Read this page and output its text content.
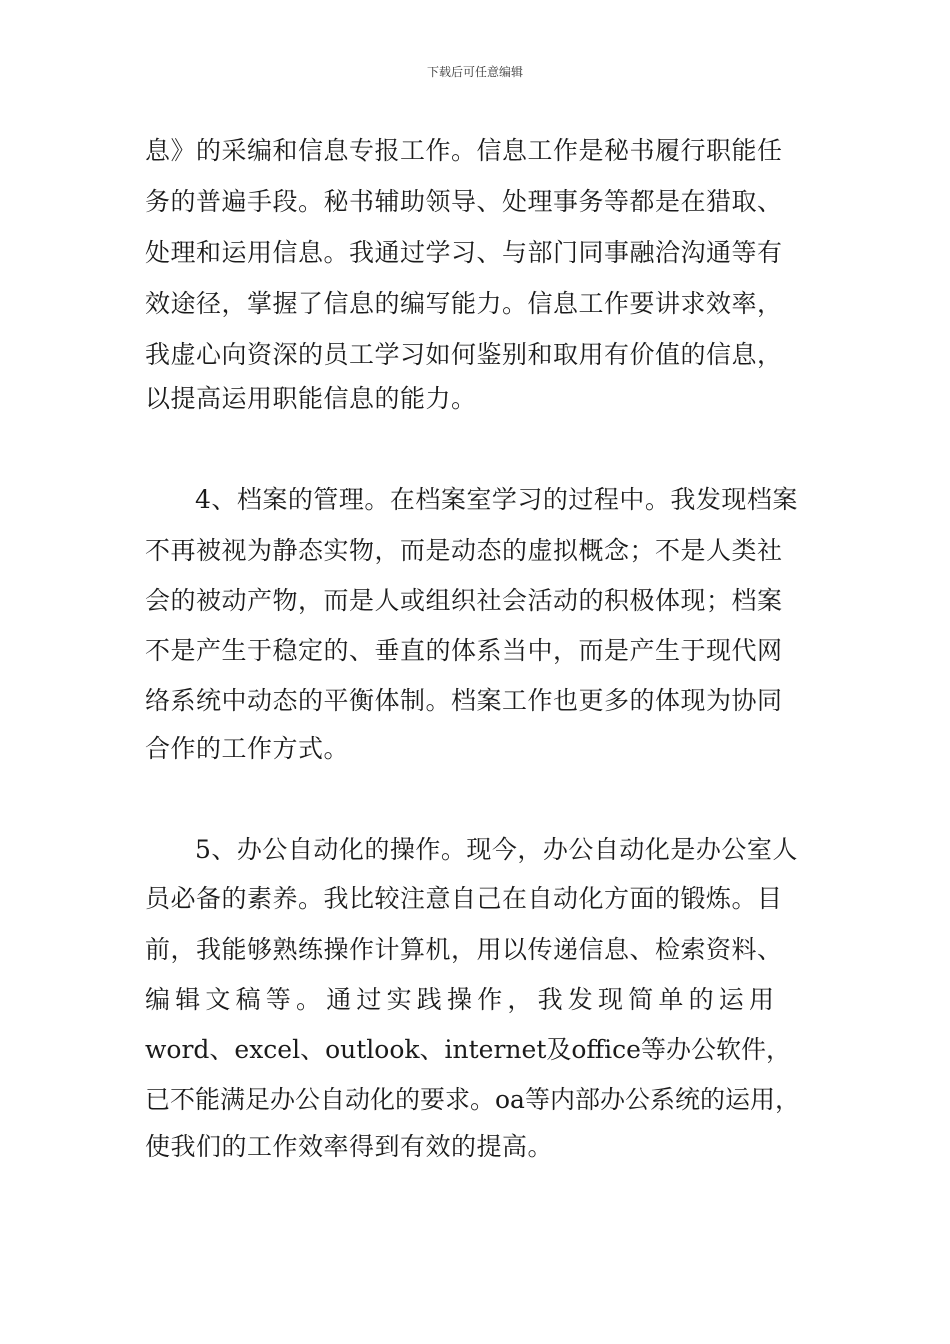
下载后可任意编辑
息》的采编和信息专报工作。信息工作是秘书履行职能任
务的普遍手段。秘书辅助领导、处理事务等都是在猎取、
处理和运用信息。我通过学习、与部门同事融洽沟通等有
效途径，掌握了信息的编写能力。信息工作要讲求效率，
我虚心向资深的员工学习如何鉴别和取用有价值的信息，
以提高运用职能信息的能力。
4、档案的管理。在档案室学习的过程中。我发现档案
不再被视为静态实物，而是动态的虚拟概念；不是人类社
会的被动产物，而是人或组织社会活动的积极体现；档案
不是产生于稳定的、垂直的体系当中，而是产生于现代网
络系统中动态的平衡体制。档案工作也更多的体现为协同
合作的工作方式。
5、办公自动化的操作。现今，办公自动化是办公室人
员必备的素养。我比较注意自己在自动化方面的锻炼。目
前，我能够熟练操作计算机，用以传递信息、检索资料、
编辑文稿等。通过实践操作，我发现简单的运用
word、excel、outlook、internet及office等办公软件，
已不能满足办公自动化的要求。oa等内部办公系统的运用，
使我们的工作效率得到有效的提高。
